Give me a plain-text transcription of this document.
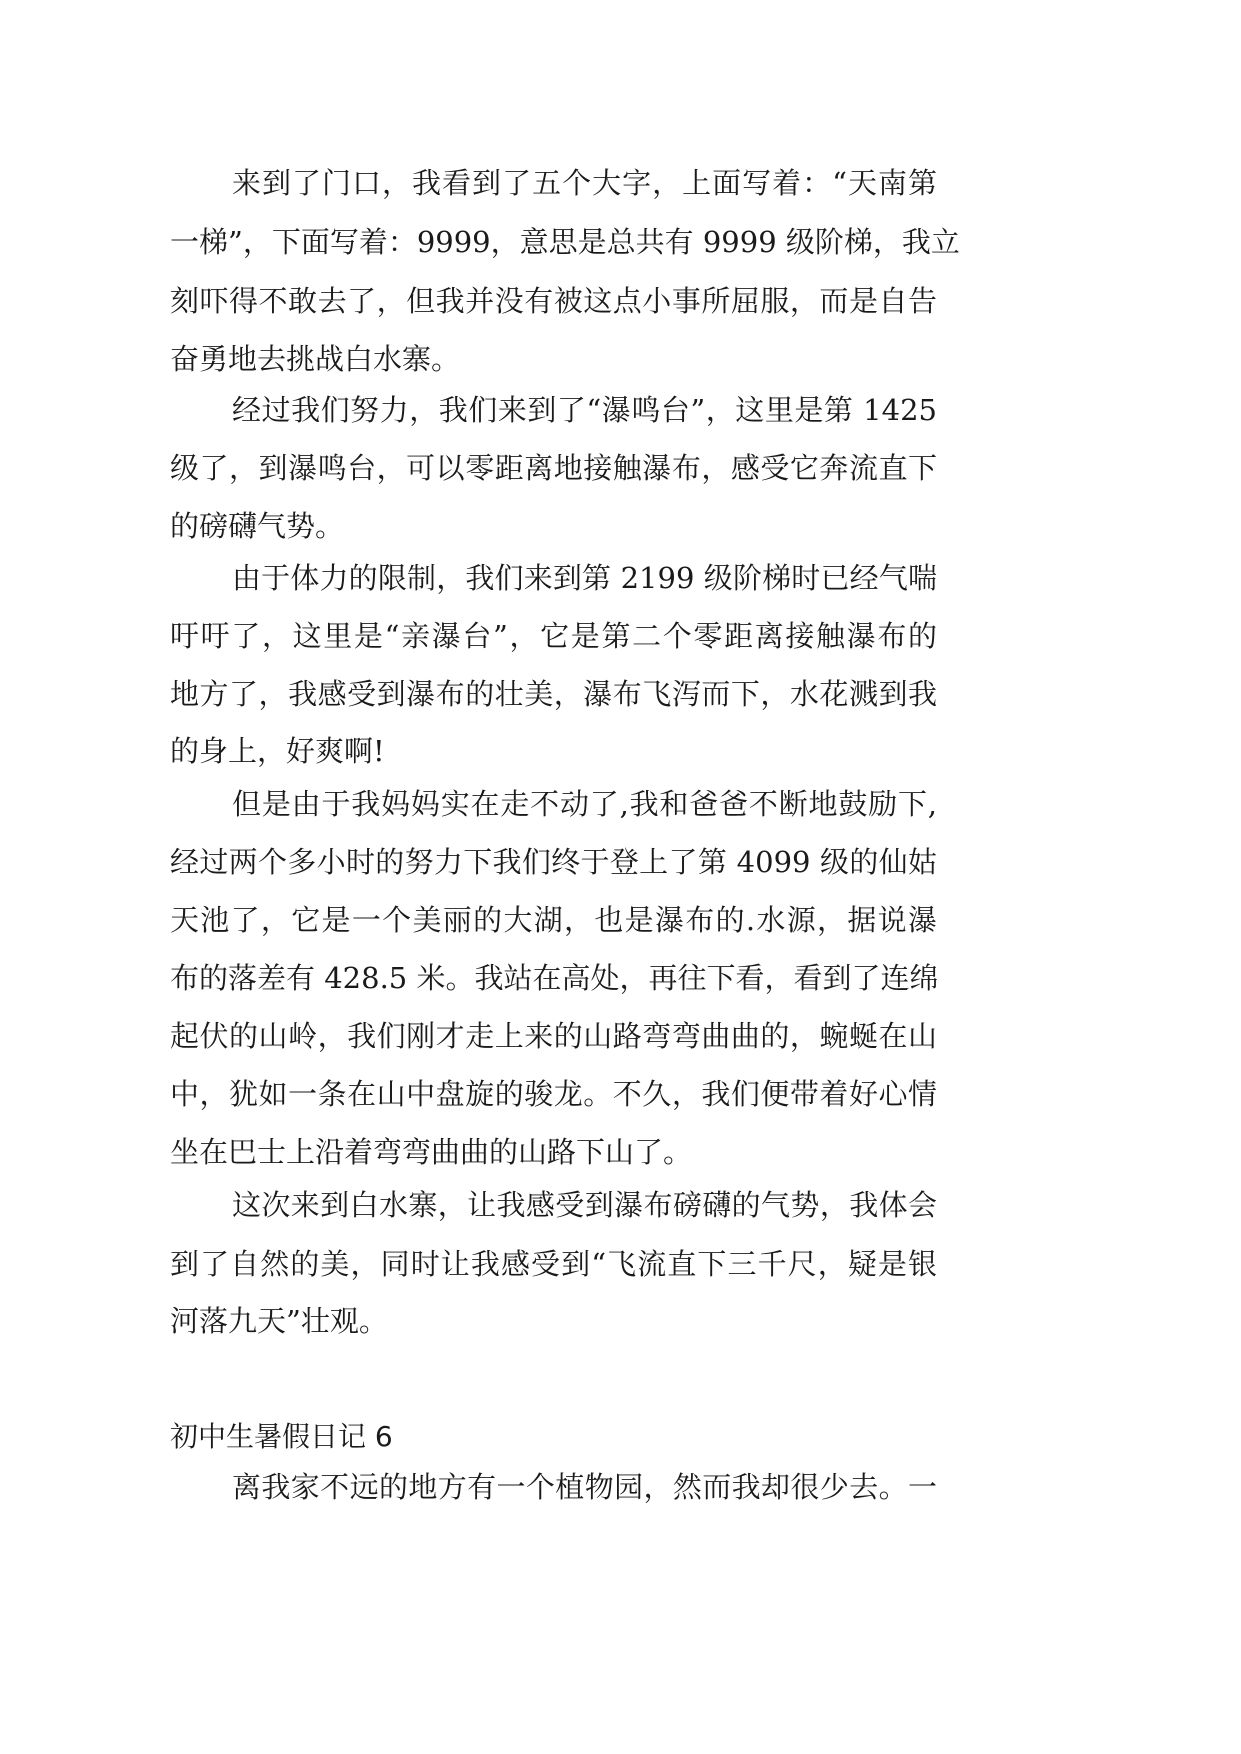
来到了门口，我看到了五个大字，上面写着：“天南第

一梯”，下面写着：9999，意思是总共有 9999 级阶梯，我立

刻吓得不敢去了，但我并没有被这点小事所屈服，而是自告

奋勇地去挑战白水寨。

经过我们努力，我们来到了“瀑鸣台”，这里是第 1425

级了，到瀑鸣台，可以零距离地接触瀑布，感受它奔流直下

的磅礴气势。

由于体力的限制，我们来到第 2199 级阶梯时已经气喘

吁吁了，这里是“亲瀑台”，它是第二个零距离接触瀑布的

地方了，我感受到瀑布的壮美，瀑布飞泻而下，水花溅到我

的身上，好爽啊!

但是由于我妈妈实在走不动了,我和爸爸不断地鼓励下,

经过两个多小时的努力下我们终于登上了第 4099 级的仙姑

天池了，它是一个美丽的大湖，也是瀑布的.水源，据说瀑

布的落差有 428.5 米。我站在高处，再往下看，看到了连绵

起伏的山岭，我们刚才走上来的山路弯弯曲曲的，蜿蜒在山

中，犹如一条在山中盘旋的骏龙。不久，我们便带着好心情

坐在巴士上沿着弯弯曲曲的山路下山了。

这次来到白水寨，让我感受到瀑布磅礴的气势，我体会

到了自然的美，同时让我感受到“飞流直下三千尺，疑是银

河落九天”壮观。

初中生暑假日记 6

离我家不远的地方有一个植物园，然而我却很少去。一
